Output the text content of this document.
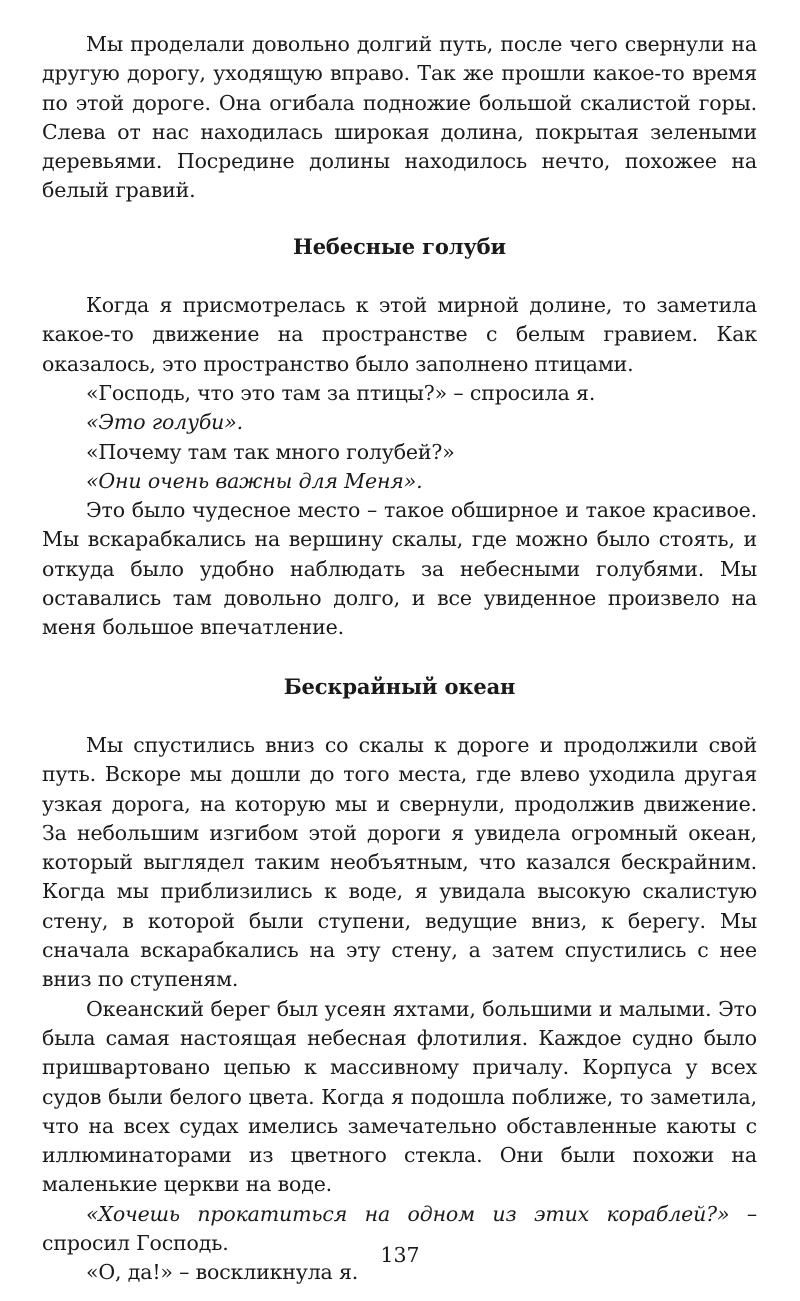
Мы проделали довольно долгий путь, после чего свернули на другую дорогу, уходящую вправо. Так же прошли какое-то время по этой дороге. Она огибала подножие большой скалистой горы. Слева от нас находилась широкая долина, покрытая зелеными деревьями. Посредине долины находилось нечто, похожее на белый гравий.

Небесные голуби

Когда я присмотрелась к этой мирной долине, то заметила какое-то движение на пространстве с белым гравием. Как оказалось, это пространство было заполнено птицами.

«Господь, что это там за птицы?» – спросила я.

«Это голуби».

«Почему там так много голубей?»

«Они очень важны для Меня».

Это было чудесное место – такое обширное и такое красивое. Мы вскарабкались на вершину скалы, где можно было стоять, и откуда было удобно наблюдать за небесными голубями. Мы оставались там довольно долго, и все увиденное произвело на меня большое впечатление.

Бескрайный океан

Мы спустились вниз со скалы к дороге и продолжили свой путь. Вскоре мы дошли до того места, где влево уходила другая узкая дорога, на которую мы и свернули, продолжив движение. За небольшим изгибом этой дороги я увидела огромный океан, который выглядел таким необъятным, что казался бескрайним. Когда мы приблизились к воде, я увидала высокую скалистую стену, в которой были ступени, ведущие вниз, к берегу. Мы сначала вскарабкались на эту стену, а затем спустились с нее вниз по ступеням.

Океанский берег был усеян яхтами, большими и малыми. Это была самая настоящая небесная флотилия. Каждое судно было пришвартовано цепью к массивному причалу. Корпуса у всех судов были белого цвета. Когда я подошла поближе, то заметила, что на всех судах имелись замечательно обставленные каюты с иллюминаторами из цветного стекла. Они были похожи на маленькие церкви на воде.

«Хочешь прокатиться на одном из этих кораблей?» – спросил Господь.

«О, да!» – воскликнула я.

137
